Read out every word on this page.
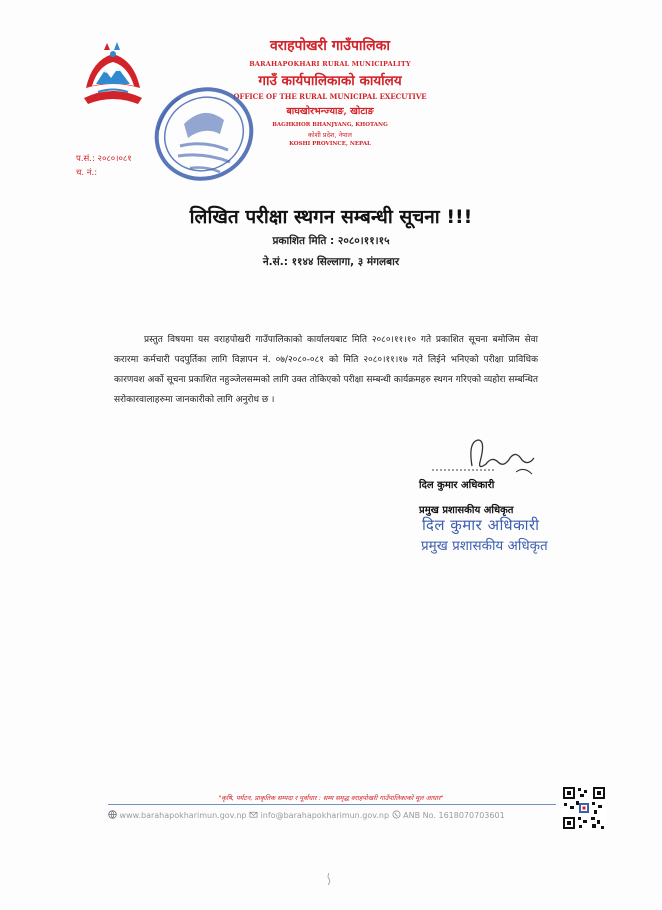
वराहपोखरी गाउँपालिका
BARAHAPOKHARI RURAL MUNICIPALITY
गाउँ कार्यपालिकाको कार्यालय
OFFICE OF THE RURAL MUNICIPAL EXECUTIVE
बाघखोरभन्ज्याङ, खोटाङ
BAGHKHOR BHANJYANG, KHOTANG
कोशी प्रदेश, नेपाल
KOSHI PROVINCE, NEPAL
प.सं.: २०८०।०८१
च. नं.:
लिखित परीक्षा स्थगन सम्बन्धी सूचना !!!
प्रकाशित मिति : २०८०।११।१५
ने.सं.: ११४४ सिल्लागा, ३ मंगलबार
प्रस्तुत विषयमा यस वराहपोखरी गाउँपालिकाको कार्यालयबाट मिति २०८०।११।१० गते प्रकाशित सूचना बमोजिम सेवा करारमा कर्मचारी पदपुर्तिका लागि विज्ञापन नं. ०७/२०८०-०८१ को मिति २०८०।११।१७ गते लिईने भनिएको परीक्षा प्राविधिक कारणवश अर्को सूचना प्रकाशित नहुञ्जेलसम्मको लागि उक्त तोकिएको परीक्षा सम्बन्धी कार्यक्रमहरु स्थगन गरिएको व्यहोरा सम्बन्धित सरोकारवालाहरुमा जानकारीको लागि अनुरोध छ ।
दिल कुमार अधिकारी
प्रमुख प्रशासकीय अधिकृत
दिल कुमार अधिकारी
प्रमुख प्रशासकीय अधिकृत
"कृषि, पर्यटन, प्राकृतिक सम्पदा र पूर्वाधार : सम्य समृद्ध वराहपोखरी गाउँपालिकाको मूल आधार"
www.barahapokharimun.gov.np info@barahapokharimun.gov.np ANB No. 1618070703601
